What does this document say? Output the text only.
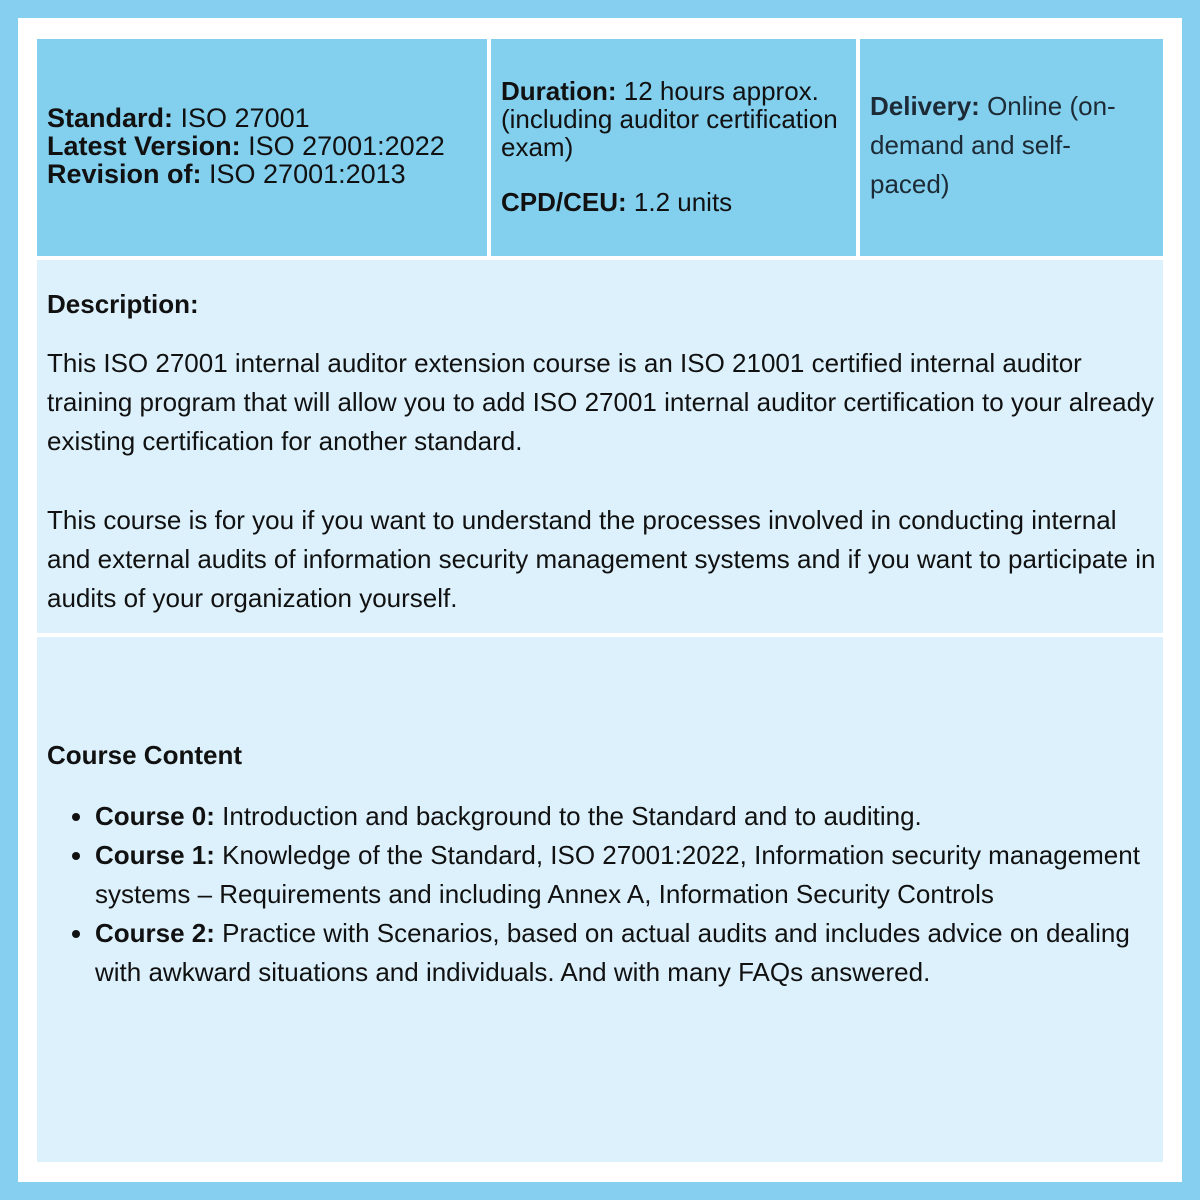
Standard: ISO 27001
Latest Version: ISO 27001:2022
Revision of: ISO 27001:2013
Duration: 12 hours approx. (including auditor certification exam)
CPD/CEU: 1.2 units
Delivery: Online (on-demand and self-paced)
Description:

This ISO 27001 internal auditor extension course is an ISO 21001 certified internal auditor training program that will allow you to add ISO 27001 internal auditor certification to your already existing certification for another standard.

This course is for you if you want to understand the processes involved in conducting internal and external audits of information security management systems and if you want to participate in audits of your organization yourself.

Course Content
• Course 0: Introduction and background to the Standard and to auditing.
• Course 1: Knowledge of the Standard, ISO 27001:2022, Information security management systems – Requirements and including Annex A, Information Security Controls
• Course 2: Practice with Scenarios, based on actual audits and includes advice on dealing with awkward situations and individuals. And with many FAQs answered.
